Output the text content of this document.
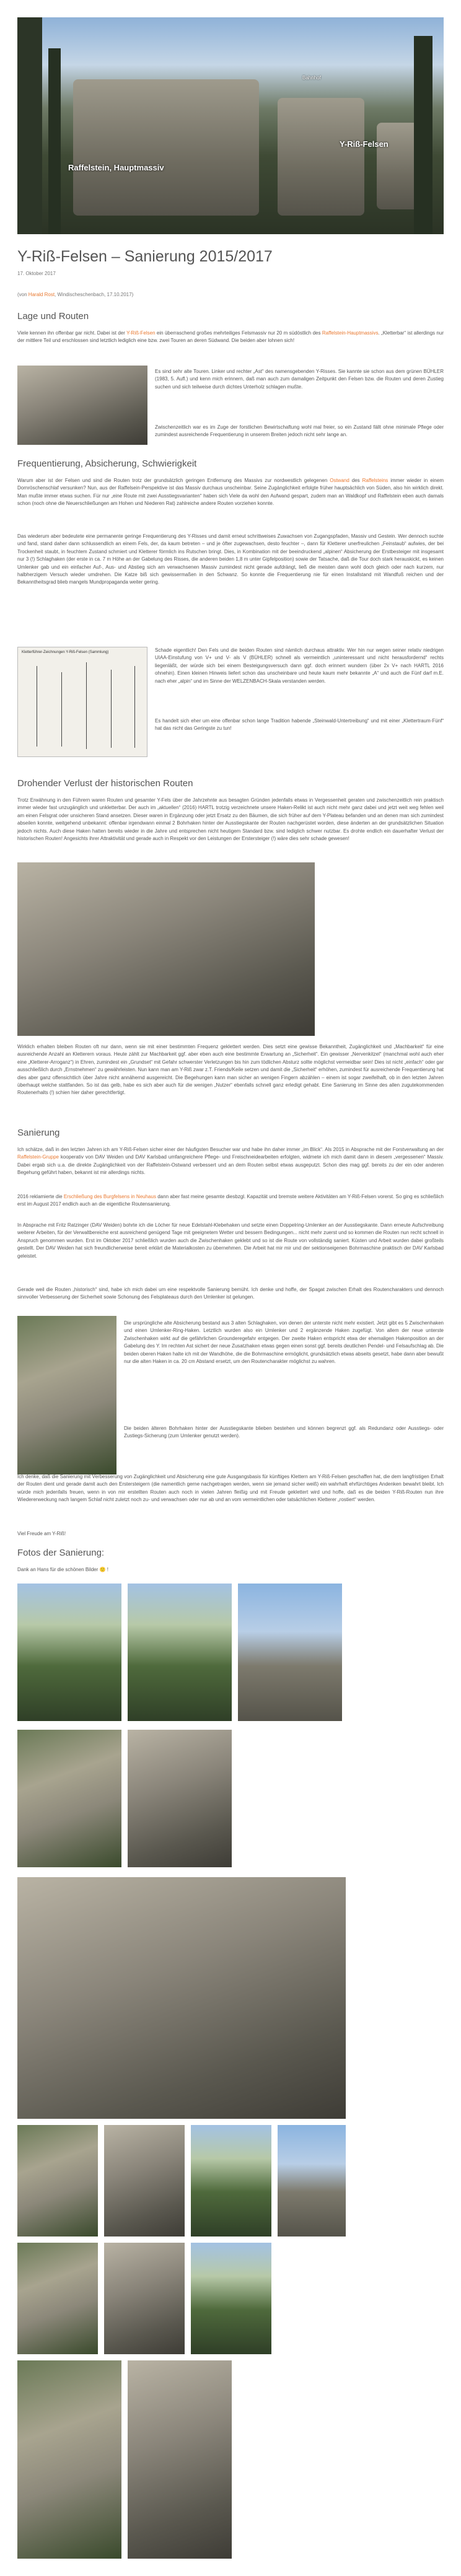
Raffelstein, Hauptmassiv
Y-Riß-Felsen
Bahnhof
Y-Riß-Felsen – Sanierung 2015/2017
17. Oktober 2017
(von Harald Rost, Windischeschenbach, 17.10.2017)
Lage und Routen
Viele kennen ihn offenbar gar nicht. Dabei ist der Y-Riß-Felsen ein überraschend großes mehrteiliges Felsmassiv nur 20 m südöstlich des Raffelstein-Hauptmassivs. „Kletterbar“ ist allerdings nur der mittlere Teil und erschlossen sind letztlich lediglich eine bzw. zwei Touren an deren Südwand. Die beiden aber lohnen sich!
Es sind sehr alte Touren. Linker und rechter „Ast“ des namensgebenden Y-Risses. Sie kannte sie schon aus dem grünen BÜHLER (1983, 5. Aufl.) und kenn mich erinnern, daß man auch zum damaligen Zeitpunkt den Felsen bzw. die Routen und deren Zustieg suchen und sich teilweise durch dichtes Unterholz schlagen mußte.
Zwischenzeitlich war es im Zuge der forstlichen Bewirtschaftung wohl mal freier, so ein Zustand fällt ohne minimale Pflege oder zumindest ausreichende Frequentierung in unserem Breiten jedoch nicht sehr lange an.
Frequentierung, Absicherung, Schwierigkeit
Warum aber ist der Felsen und sind die Routen trotz der grundsätzlich geringen Entfernung des Massivs zur nordwestlich gelegenen Ostwand des Raffelsteins immer wieder in einem Dornröschenschlaf versunken? Nun, aus der Raffelsein-Perspektive ist das Massiv durchaus unscheinbar. Seine Zugänglichkeit erfolgte früher hauptsächlich von Süden, also hin wirklich direkt. Man mußte immer etwas suchen. Für nur „eine Route mit zwei Ausstiegsvarianten“ haben sich Viele da wohl den Aufwand gespart, zudem man an Waldkopf und Raffelstein eben auch damals schon (noch ohne die Neuerschließungen am Hohen und Niederen Rat) zahlreiche andere Routen vorziehen konnte.
Das wiederum aber bedeutete eine permanente geringe Frequentierung des Y-Risses und damit erneut schrittweises Zuwachsen von Zugangspfaden, Massiv und Gestein. Wer dennoch suchte und fand, stand daher dann schlussendlich an einem Fels, der, da kaum betreten – und je öfter zugewachsen, desto feuchter –, dann für Kletterer unerfreulichen „Feinstaub“ aufwies, der bei Trockenheit staubt, in feuchtem Zustand schmiert und Kletterer förmlich ins Rutschen bringt. Dies, in Kombination mit der beeindruckend „alpinen“ Absicherung der Erstbesteiger mit insgesamt nur 3 (!) Schlaghaken (der erste in ca. 7 m Höhe an der Gabelung des Risses, die anderen beiden 1,8 m unter Gipfelposition) sowie der Tatsache, daß die Tour doch stark herauskickt, es keinen Umlenker gab und ein einfacher Auf-, Aus- und Abstieg sich am verwachsenen Massiv zumindest nicht gerade aufdrängt, ließ die meisten dann wohl doch gleich oder nach kurzem, nur halbherzigem Versuch wieder umdrehen. Die Katze biß sich gewissermaßen in den Schwanz. So konnte die Frequentierung nie für einen Installstand mit Wandfuß reichen und der Bekanntheitsgrad blieb mangels Mundpropaganda weiter gering.
Kletterführer-Zeichnungen Y-Riß-Felsen (Sammlung)	Schade eigentlich! Den Fels und die beiden Routen sind nämlich durchaus attraktiv. Wer hin nur wegen seiner relativ niedrigen UIAA-Einstufung von V+ und V- als V (BÜHLER) schnell als vermeintlich „uninteressant und nicht herausfordernd“ rechts liegenläßt, der würde sich bei einem Besteigungsversuch dann ggf. doch erinnert wundern (über 2x V+ nach HARTL 2016 ohnehin). Einen kleinen Hinweis liefert schon das unscheinbare und heute kaum mehr bekannte „A“ und auch die Fünf darf m.E. nach eher „alpin“ und im Sinne der WELZENBACH-Skala verstanden werden.
Es handelt sich eher um eine offenbar schon lange Tradition habende „Steinwald-Untertreibung“ und mit einer „Klettertraum-Fünf“ hat das nicht das Geringste zu tun!
Drohender Verlust der historischen Routen
Trotz Erwähnung in den Führern waren Routen und gesamter Y-Fels über die Jahrzehnte aus besagten Gründen jedenfalls etwas in Vergessenheit geraten und zwischenzeitlich rein praktisch immer wieder fast unzugänglich und unkletterbar. Der auch im „aktuellen“ (2016) HARTL trotzig verzeichnete unsere Haken-Relikt ist auch nicht mehr ganz dabei und jetzt weit weg fehlen weil am einen Felsgrat oder unsicheren Stand ansetzen. Dieser waren in Ergänzung oder jetzt Ersatz zu den Bäumen, die sich früher auf dem Y-Plateau befanden und an denen man sich zumindest abseilen konnte, weitgehend unbekannt: offenbar irgendwann einmal 2 Bohrhaken hinter der Ausstiegskante der Routen nachgerüstet worden, diese änderten an der grundsätzlichen Situation jedoch nichts. Auch diese Haken hatten bereits wieder in die Jahre und entsprechen nicht heutigem Standard bzw. sind lediglich schwer nutzbar. Es drohte endlich ein dauerhafter Verlust der historischen Routen! Angesichts ihrer Attraktivität und gerade auch in Respekt vor den Leistungen der Erstersteiger (!) wäre dies sehr schade gewesen!
Wirklich erhalten bleiben Routen oft nur dann, wenn sie mit einer bestimmten Frequenz geklettert werden. Dies setzt eine gewisse Bekanntheit, Zugänglichkeit und „Machbarkeit“ für eine ausreichende Anzahl an Kletterern voraus. Heute zählt zur Machbarkeit ggf. aber eben auch eine bestimmte Erwartung an „Sicherheit“. Ein gewisser „Nervenkitzel“ (manchmal wohl auch eher eine „Kletterer-Arroganz“) in Ehren, zumindest ein „Grundset“ mit Gefahr schwerster Verletzungen bis hin zum tödlichen Absturz sollte möglichst vermeidbar sein! Dies ist nicht „einfach“ oder gar ausschließlich durch „Ernstnehmen“ zu gewährleisten. Nun kann man am Y-Riß zwar z.T. Friends/Keile setzen und damit die „Sicherheit“ erhöhen, zumindest für ausreichende Frequentierung hat dies aber ganz offensichtlich über Jahre nicht annähernd ausgereicht. Die Begehungen kann man sicher an wenigen Fingern abzählen – einem ist sogar zweifelhaft, ob in den letzten Jahren überhaupt welche stattfanden. So ist das gelb, habe es sich aber auch für die wenigen „Nutzer“ ebenfalls schnell ganz erledigt gehabt. Eine Sanierung im Sinne des allen zugutekommenden Routenerhalts (!) schien hier daher gerechtfertigt.
Sanierung
Ich schätze, daß in den letzten Jahren ich am Y-Riß-Felsen sicher einer der häufigsten Besucher war und habe ihn daher immer „im Blick“. Als 2015 in Absprache mit der Forstverwaltung an der Raffelstein-Gruppe kooperativ von DAV Weiden und DAV Karlsbad umfangreichere Pflege- und Freischneidearbeiten erfolgten, widmete ich mich damit dann in diesem „vergessenen“ Massiv. Dabei ergab sich u.a. die direkte Zugänglichkeit von der Raffelstein-Ostwand verbessert und an dem Routen selbst etwas ausgeputzt. Schon dies mag ggf. bereits zu der ein oder anderen Begehung geführt haben, bekannt ist mir allerdings nichts.
2016 reklamierte die Erschließung des Burgfelsens in Neuhaus dann aber fast meine gesamte diesbzgl. Kapazität und bremste weitere Aktivitäten am Y-Riß-Felsen vorerst. So ging es schließlich erst im August 2017 endlich auch an die eigentliche Routensanierung.
In Absprache mit Fritz Ratzinger (DAV Weiden) bohrte ich die Löcher für neue Edelstahl-Klebehaken und setzte einen Doppelring-Umlenker an der Ausstiegskante. Dann erneute Aufschreibung weiterer Arbeiten, für der Verwaltbereiche erst ausreichend genügend Tage mit geeignetem Wetter und bessern Bedingungen... nicht mehr zuerst und so kommen die Routen nun recht schnell in Anspruch genommen wurden. Erst im Oktober 2017 schließlich wurden auch die Zwischenhaken geklebt und so ist die Route von vollständig saniert. Küsten und Arbeit wurden dabei großteils gestellt. Der DAV Weiden hat sich freundlicherweise bereit erklärt die Materialkosten zu übernehmen. Die Arbeit hat mir mir und der sektionseigenen Bohrmaschine praktisch der DAV Karlsbad geleistet.
Gerade weil die Routen „historisch“ sind, habe ich mich dabei um eine respektvolle Sanierung bemüht. Ich denke und hoffe, der Spagat zwischen Erhalt des Routencharakters und dennoch sinnvoller Verbesserung der Sicherheit sowie Schonung des Felsplateaus durch den Umlenker ist gelungen.
Die ursprüngliche alte Absicherung bestand aus 3 alten Schlaghaken, von denen der unterste nicht mehr existiert. Jetzt gibt es 5 Zwischenhaken und einen Umlenker-Ring-Haken. Letztlich wurden also ein Umlenker und 2 ergänzende Haken zugefügt. Von allem der neue unterste Zwischenhaken wirkt auf die gefährlichen Grounderegefahr entgegen. Der zweite Haken entspricht etwa der ehemaligen Hakenposition an der Gabelung des Y. Im rechten Ast sichert der neue Zusatzhaken etwas gegen einen sonst ggf. bereits deutlichen Pendel- und Felsaufschlag ab. Die beiden oberen Haken halte ich mit der Wandhöhe, die die Bohrmaschine ermöglicht, grundsätzlich etwas abseits gesetzt, habe dann aber bewußt nur die alten Haken in ca. 20 cm Abstand ersetzt, um den Routencharakter möglichst zu wahren.
Die beiden älteren Bohrhaken hinter der Ausstiegskante blieben bestehen und können begrenzt ggf. als Redundanz oder Ausstiegs- oder Zustiegs-Sicherung (zum Umlenker genutzt werden).
Ich denke, daß die Sanierung mit Verbesserung von Zugänglichkeit und Absicherung eine gute Ausgangsbasis für künftiges Klettern am Y-Riß-Felsen geschaffen hat, die dem langfristigen Erhalt der Routen dient und gerade damit auch den Erstersteigern (die namentlich gerne nachgetragen werden, wenn sie jemand sicher weiß) ein wahrhaft ehrfürchtiges Andenken bewahrt bleibt. Ich würde mich jedenfalls freuen, wenn in von mir erstellten Routen auch noch in vielen Jahren fleißig und mit Freude geklettert wird und hoffe, daß es die beiden Y-Riß-Routen nun ihre Wiedererweckung nach langem Schlaf nicht zuletzt noch zu- und verwachsen oder nur ab und an vom vermeintlichen oder tatsächlichen Kletterer „rostiert“ werden.
Viel Freude am Y-Riß!
Fotos der Sanierung:
Dank an Hans für die schönen Bilder 🙂 !
